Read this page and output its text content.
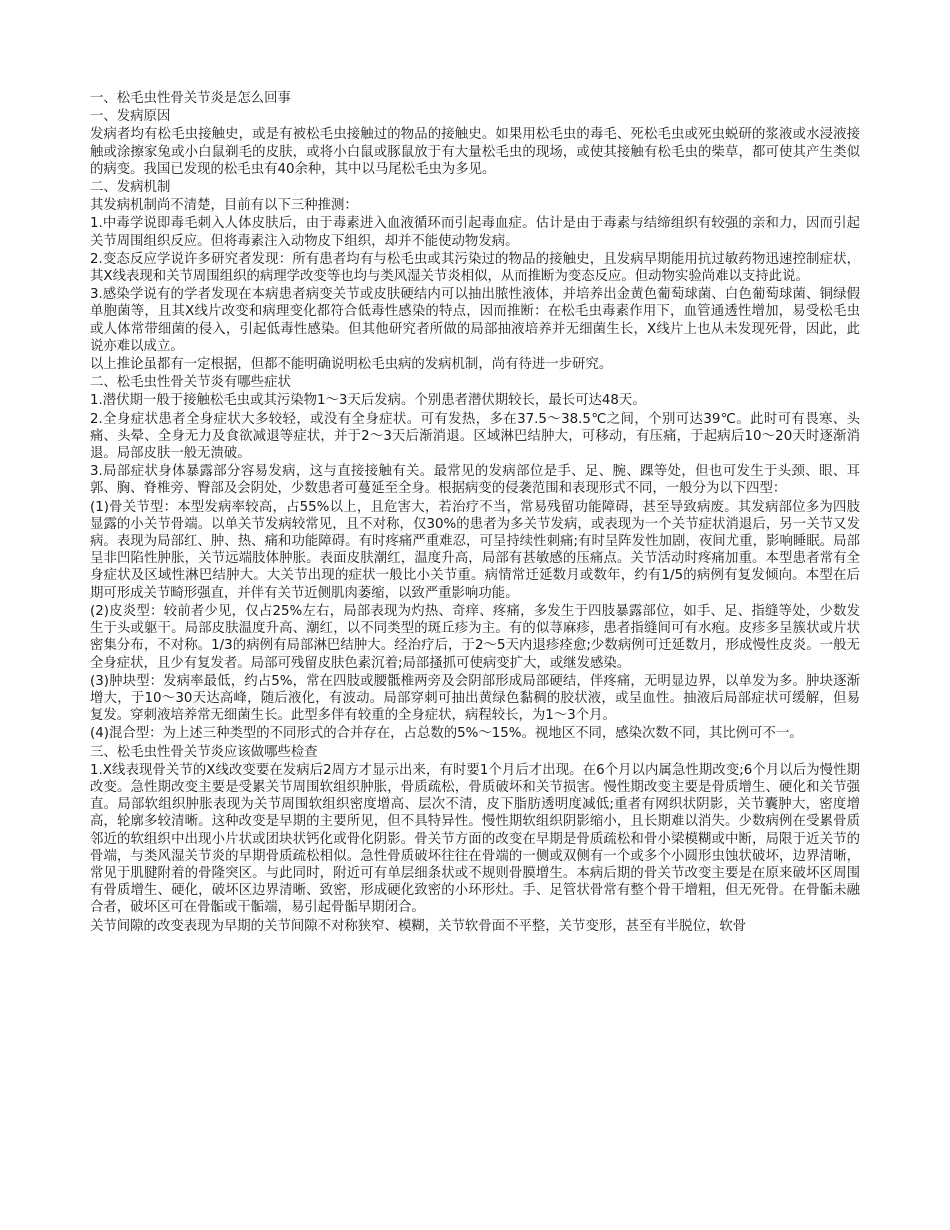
一、松毛虫性骨关节炎是怎么回事
一、发病原因
发病者均有松毛虫接触史，或是有被松毛虫接触过的物品的接触史。如果用松毛虫的毒毛、死松毛虫或死虫蜕研的浆液或水浸液接触或涂擦家兔或小白鼠剃毛的皮肤，或将小白鼠或豚鼠放于有大量松毛虫的现场，或使其接触有松毛虫的柴草，都可使其产生类似的病变。我国已发现的松毛虫有40余种，其中以马尾松毛虫为多见。
二、发病机制
其发病机制尚不清楚，目前有以下三种推测：
1.中毒学说即毒毛刺入人体皮肤后，由于毒素进入血液循环而引起毒血症。估计是由于毒素与结缔组织有较强的亲和力，因而引起关节周围组织反应。但将毒素注入动物皮下组织，却并不能使动物发病。
2.变态反应学说许多研究者发现：所有患者均有与松毛虫或其污染过的物品的接触史，且发病早期能用抗过敏药物迅速控制症状，其X线表现和关节周围组织的病理学改变等也均与类风湿关节炎相似，从而推断为变态反应。但动物实验尚难以支持此说。
3.感染学说有的学者发现在本病患者病变关节或皮肤硬结内可以抽出脓性液体，并培养出金黄色葡萄球菌、白色葡萄球菌、铜绿假单胞菌等，且其X线片改变和病理变化都符合低毒性感染的特点，因而推断：在松毛虫毒素作用下，血管通透性增加，易受松毛虫或人体常带细菌的侵入，引起低毒性感染。但其他研究者所做的局部抽液培养并无细菌生长，X线片上也从未发现死骨，因此，此说亦难以成立。
以上推论虽都有一定根据，但都不能明确说明松毛虫病的发病机制，尚有待进一步研究。
二、松毛虫性骨关节炎有哪些症状
1.潜伏期一般于接触松毛虫或其污染物1～3天后发病。个别患者潜伏期较长，最长可达48天。
2.全身症状患者全身症状大多较轻，或没有全身症状。可有发热，多在37.5～38.5℃之间，个别可达39℃。此时可有畏寒、头痛、头晕、全身无力及食欲减退等症状，并于2～3天后渐消退。区域淋巴结肿大，可移动，有压痛，于起病后10～20天时逐渐消退。局部皮肤一般无溃破。
3.局部症状身体暴露部分容易发病，这与直接接触有关。最常见的发病部位是手、足、腕、踝等处，但也可发生于头颈、眼、耳郭、胸、脊椎旁、臀部及会阴处，少数患者可蔓延至全身。根据病变的侵袭范围和表现形式不同，一般分为以下四型：
(1)骨关节型：本型发病率较高，占55%以上，且危害大，若治疗不当，常易残留功能障碍，甚至导致病废。其发病部位多为四肢显露的小关节骨端。以单关节发病较常见，且不对称，仅30%的患者为多关节发病，或表现为一个关节症状消退后，另一关节又发病。表现为局部红、肿、热、痛和功能障碍。有时疼痛严重难忍，可呈持续性刺痛;有时呈阵发性加剧，夜间尤重，影响睡眠。局部呈非凹陷性肿胀，关节远端肢体肿胀。表面皮肤潮红，温度升高，局部有甚敏感的压痛点。关节活动时疼痛加重。本型患者常有全身症状及区域性淋巴结肿大。大关节出现的症状一般比小关节重。病情常迁延数月或数年，约有1/5的病例有复发倾向。本型在后期可形成关节畸形强直，并伴有关节近侧肌肉萎缩，以致严重影响功能。
(2)皮炎型：较前者少见，仅占25%左右，局部表现为灼热、奇痒、疼痛，多发生于四肢暴露部位，如手、足、指缝等处，少数发生于头或躯干。局部皮肤温度升高、潮红，以不同类型的斑丘疹为主。有的似荨麻疹，患者指缝间可有水疱。皮疹多呈簇状或片状密集分布，不对称。1/3的病例有局部淋巴结肿大。经治疗后，于2～5天内退疹痊愈;少数病例可迁延数月，形成慢性皮炎。一般无全身症状，且少有复发者。局部可残留皮肤色素沉着;局部搔抓可使病变扩大，或继发感染。
(3)肿块型：发病率最低，约占5%，常在四肢或腰骶椎两旁及会阴部形成局部硬结，伴疼痛，无明显边界，以单发为多。肿块逐渐增大，于10～30天达高峰，随后液化，有波动。局部穿刺可抽出黄绿色黏稠的胶状液，或呈血性。抽液后局部症状可缓解，但易复发。穿刺液培养常无细菌生长。此型多伴有较重的全身症状，病程较长，为1～3个月。
(4)混合型：为上述三种类型的不同形式的合并存在，占总数的5%～15%。视地区不同，感染次数不同，其比例可不一。
三、松毛虫性骨关节炎应该做哪些检查
1.X线表现骨关节的X线改变要在发病后2周方才显示出来，有时要1个月后才出现。在6个月以内属急性期改变;6个月以后为慢性期改变。急性期改变主要是受累关节周围软组织肿胀，骨质疏松，骨质破坏和关节损害。慢性期改变主要是骨质增生、硬化和关节强直。局部软组织肿胀表现为关节周围软组织密度增高、层次不清，皮下脂肪透明度减低;重者有网织状阴影，关节囊肿大，密度增高，轮廓多较清晰。这种改变是早期的主要所见，但不具特异性。慢性期软组织阴影缩小，且长期难以消失。少数病例在受累骨质邻近的软组织中出现小片状或团块状钙化或骨化阴影。骨关节方面的改变在早期是骨质疏松和骨小梁模糊或中断，局限于近关节的骨端，与类风湿关节炎的早期骨质疏松相似。急性骨质破坏往往在骨端的一侧或双侧有一个或多个小圆形虫蚀状破坏，边界清晰，常见于肌腱附着的骨隆突区。与此同时，附近可有单层细条状或不规则骨膜增生。本病后期的骨关节改变主要是在原来破坏区周围有骨质增生、硬化，破坏区边界清晰、致密，形成硬化致密的小环形灶。手、足管状骨常有整个骨干增粗，但无死骨。在骨骺未融合者，破坏区可在骨骺或干骺端，易引起骨骺早期闭合。
关节间隙的改变表现为早期的关节间隙不对称狭窄、模糊，关节软骨面不平整，关节变形，甚至有半脱位，软骨
